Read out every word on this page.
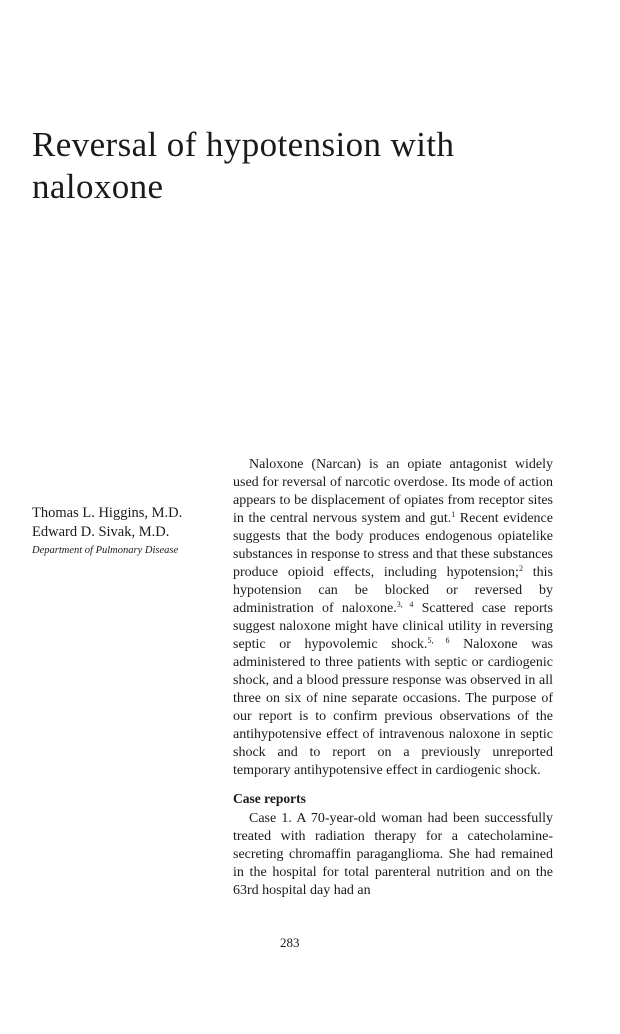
Reversal of hypotension with
naloxone
Thomas L. Higgins, M.D.
Edward D. Sivak, M.D.
Department of Pulmonary Disease

Naloxone (Narcan) is an opiate antagonist widely used for reversal of narcotic overdose. Its mode of action appears to be displacement of opiates from receptor sites in the central nervous system and gut.$^1$ Recent evidence suggests that the body produces endogenous opiatelike substances in response to stress and that these substances produce opioid effects, including hypotension;$^2$ this hypotension can be blocked or reversed by administration of naloxone.$^{3, 4}$ Scattered case reports suggest naloxone might have clinical utility in reversing septic or hypovolemic shock.$^{5, 6}$ Naloxone was administered to three patients with septic or cardiogenic shock, and a blood pressure response was observed in all three on six of nine separate occasions. The purpose of our report is to confirm previous observations of the antihypotensive effect of intravenous naloxone in septic shock and to report on a previously unreported temporary antihypotensive effect in cardiogenic shock.

Case reports

Case 1. A 70-year-old woman had been successfully treated with radiation therapy for a catecholamine-secreting chromaffin paraganglioma. She had remained in the hospital for total parenteral nutrition and on the 63rd hospital day had an

283
